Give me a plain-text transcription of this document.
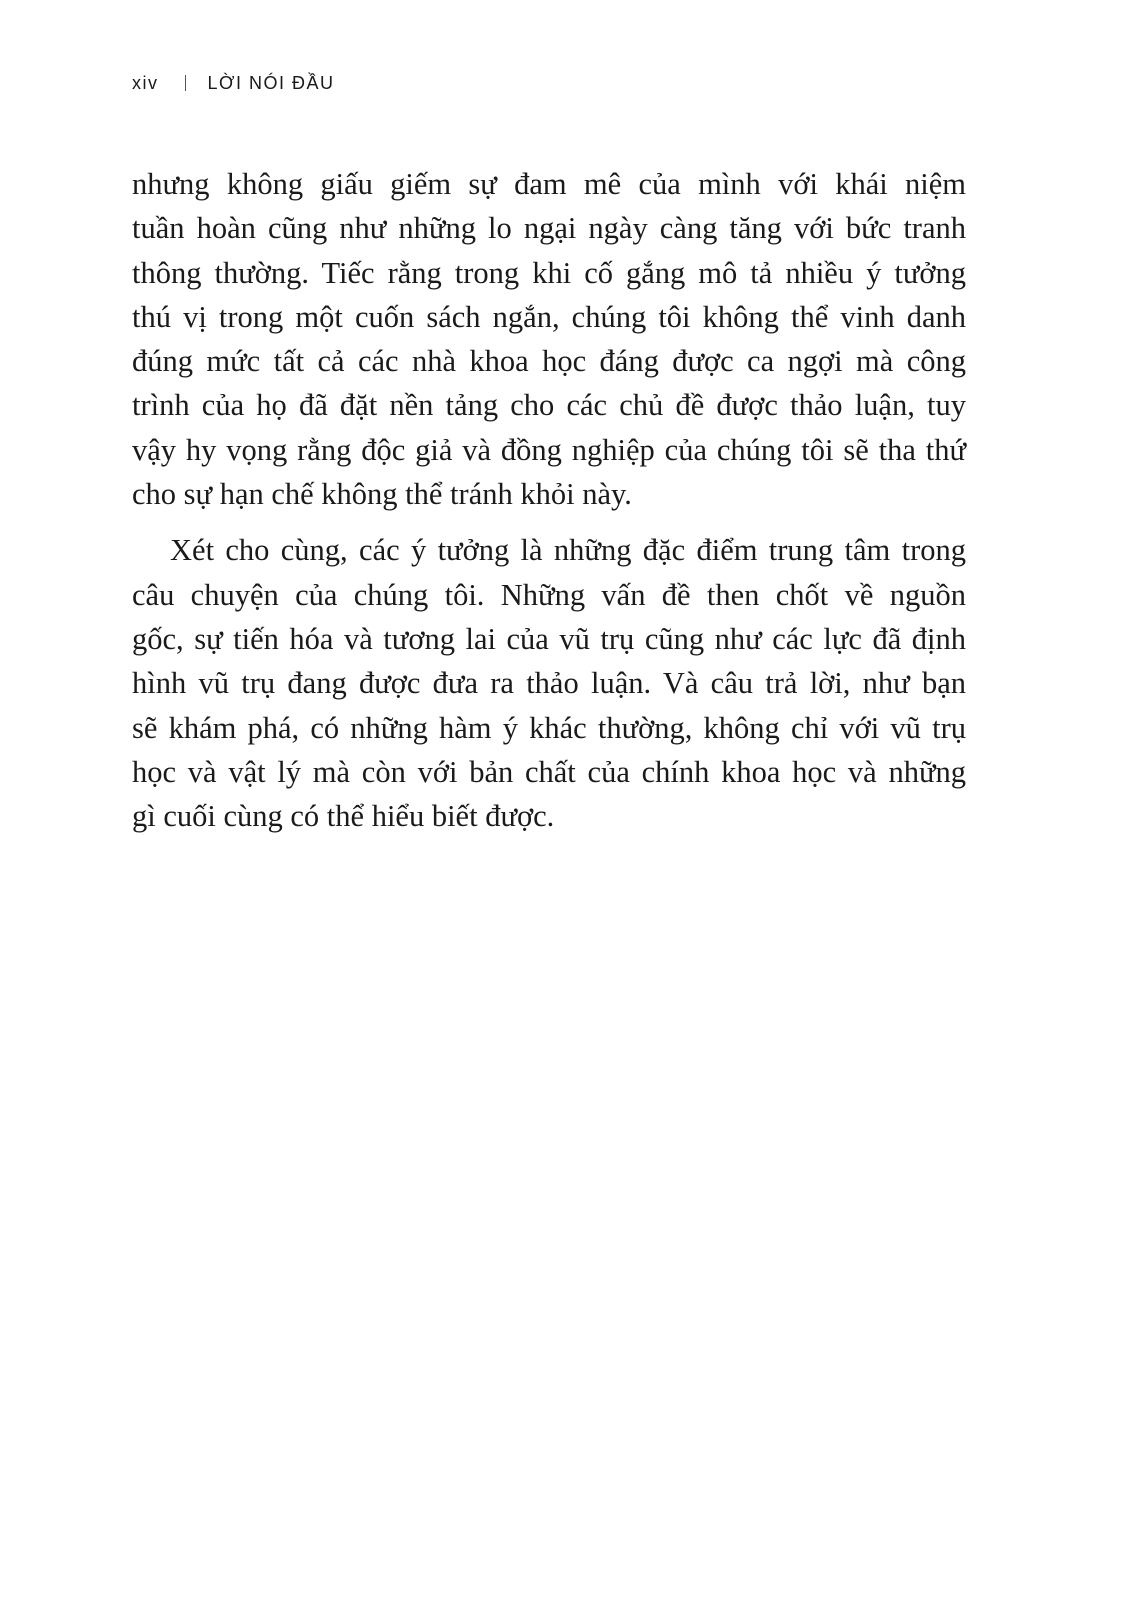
xiv	LỜI NÓI ĐẦU
nhưng không giấu giếm sự đam mê của mình với khái niệm
tuần hoàn cũng như những lo ngại ngày càng tăng với bức tranh
thông thường. Tiếc rằng trong khi cố gắng mô tả nhiều ý tưởng
thú vị trong một cuốn sách ngắn, chúng tôi không thể vinh danh
đúng mức tất cả các nhà khoa học đáng được ca ngợi mà công
trình của họ đã đặt nền tảng cho các chủ đề được thảo luận, tuy
vậy hy vọng rằng độc giả và đồng nghiệp của chúng tôi sẽ tha thứ
cho sự hạn chế không thể tránh khỏi này.
Xét cho cùng, các ý tưởng là những đặc điểm trung tâm trong
câu chuyện của chúng tôi. Những vấn đề then chốt về nguồn
gốc, sự tiến hóa và tương lai của vũ trụ cũng như các lực đã định
hình vũ trụ đang được đưa ra thảo luận. Và câu trả lời, như bạn
sẽ khám phá, có những hàm ý khác thường, không chỉ với vũ trụ
học và vật lý mà còn với bản chất của chính khoa học và những
gì cuối cùng có thể hiểu biết được.
